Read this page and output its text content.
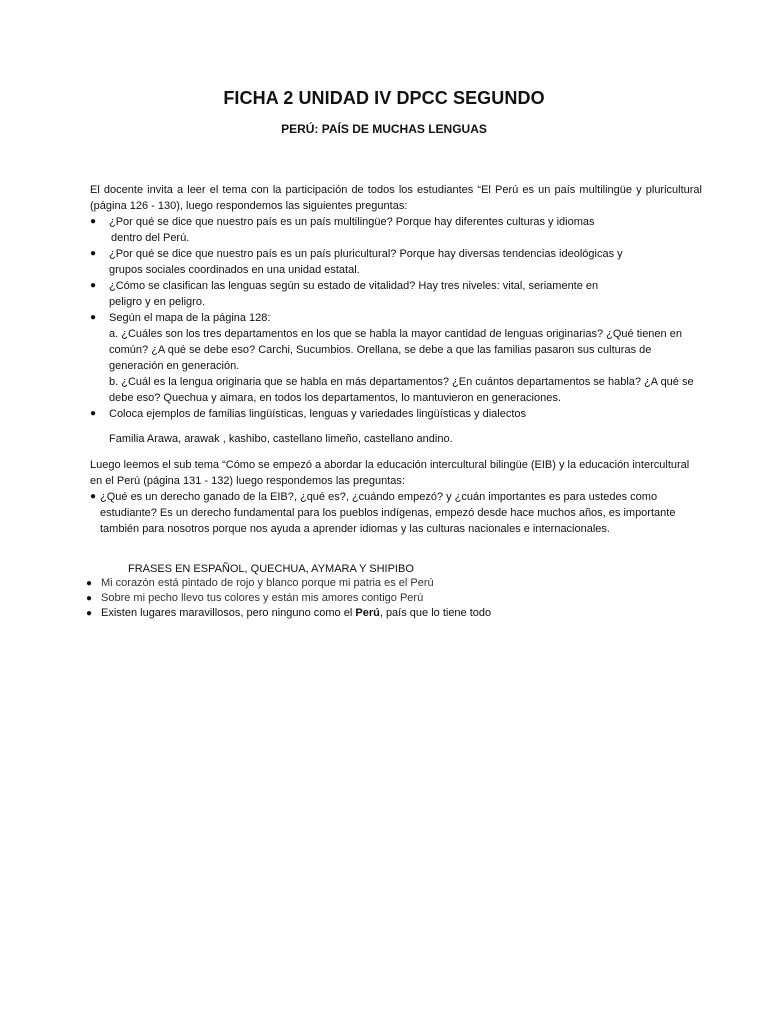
FICHA 2 UNIDAD IV DPCC SEGUNDO
PERÚ: PAÍS DE MUCHAS LENGUAS
El docente invita a leer el tema con la participación de todos los estudiantes “El Perú es un país multilingüe y pluricultural (página 126 - 130), luego respondemos las siguientes preguntas:
● ¿Por qué se dice que nuestro país es un país multilingüe? Porque hay diferentes culturas y idiomas
dentro del Perú.
● ¿Por qué se dice que nuestro país es un país pluricultural? Porque hay diversas tendencias ideológicas y
grupos sociales coordinados en una unidad estatal.
● ¿Cómo se clasifican las lenguas según su estado de vitalidad? Hay tres niveles: vital, seriamente en
peligro y en peligro.
● Según el mapa de la página 128:
a. ¿Cuáles son los tres departamentos en los que se habla la mayor cantidad de lenguas originarias? ¿Qué tienen en común? ¿A qué se debe eso? Carchi, Sucumbios. Orellana, se debe a que las familias pasaron sus culturas de generación en generación.
b. ¿Cuál es la lengua originaria que se habla en más departamentos? ¿En cuántos departamentos se habla? ¿A qué se debe eso? Quechua y aimara, en todos los departamentos, lo mantuvieron en generaciones.
● Coloca ejemplos de familias lingüísticas, lenguas y variedades lingüísticas y dialectos
Familia Arawa, arawak , kashibo, castellano limeño, castellano andino.
Luego leemos el sub tema “Cómo se empezó a abordar la educación intercultural bilingüe (EIB) y la educación intercultural en el Perú (página 131 - 132) luego respondemos las preguntas:
● ¿Qué es un derecho ganado de la EIB?, ¿qué es?, ¿cuándo empezó? y ¿cuán importantes es para ustedes como estudiante? Es un derecho fundamental para los pueblos indígenas, empezó desde hace muchos años, es importante también para nosotros porque nos ayuda a aprender idiomas y las culturas nacionales e internacionales.
FRASES EN ESPAÑOL, QUECHUA, AYMARA Y SHIPIBO
● Mi corazón está pintado de rojo y blanco porque mi patria es el Perú
● Sobre mi pecho llevo tus colores y están mis amores contigo Perú
● Existen lugares maravillosos, pero ninguno como el Perú, país que lo tiene todo
